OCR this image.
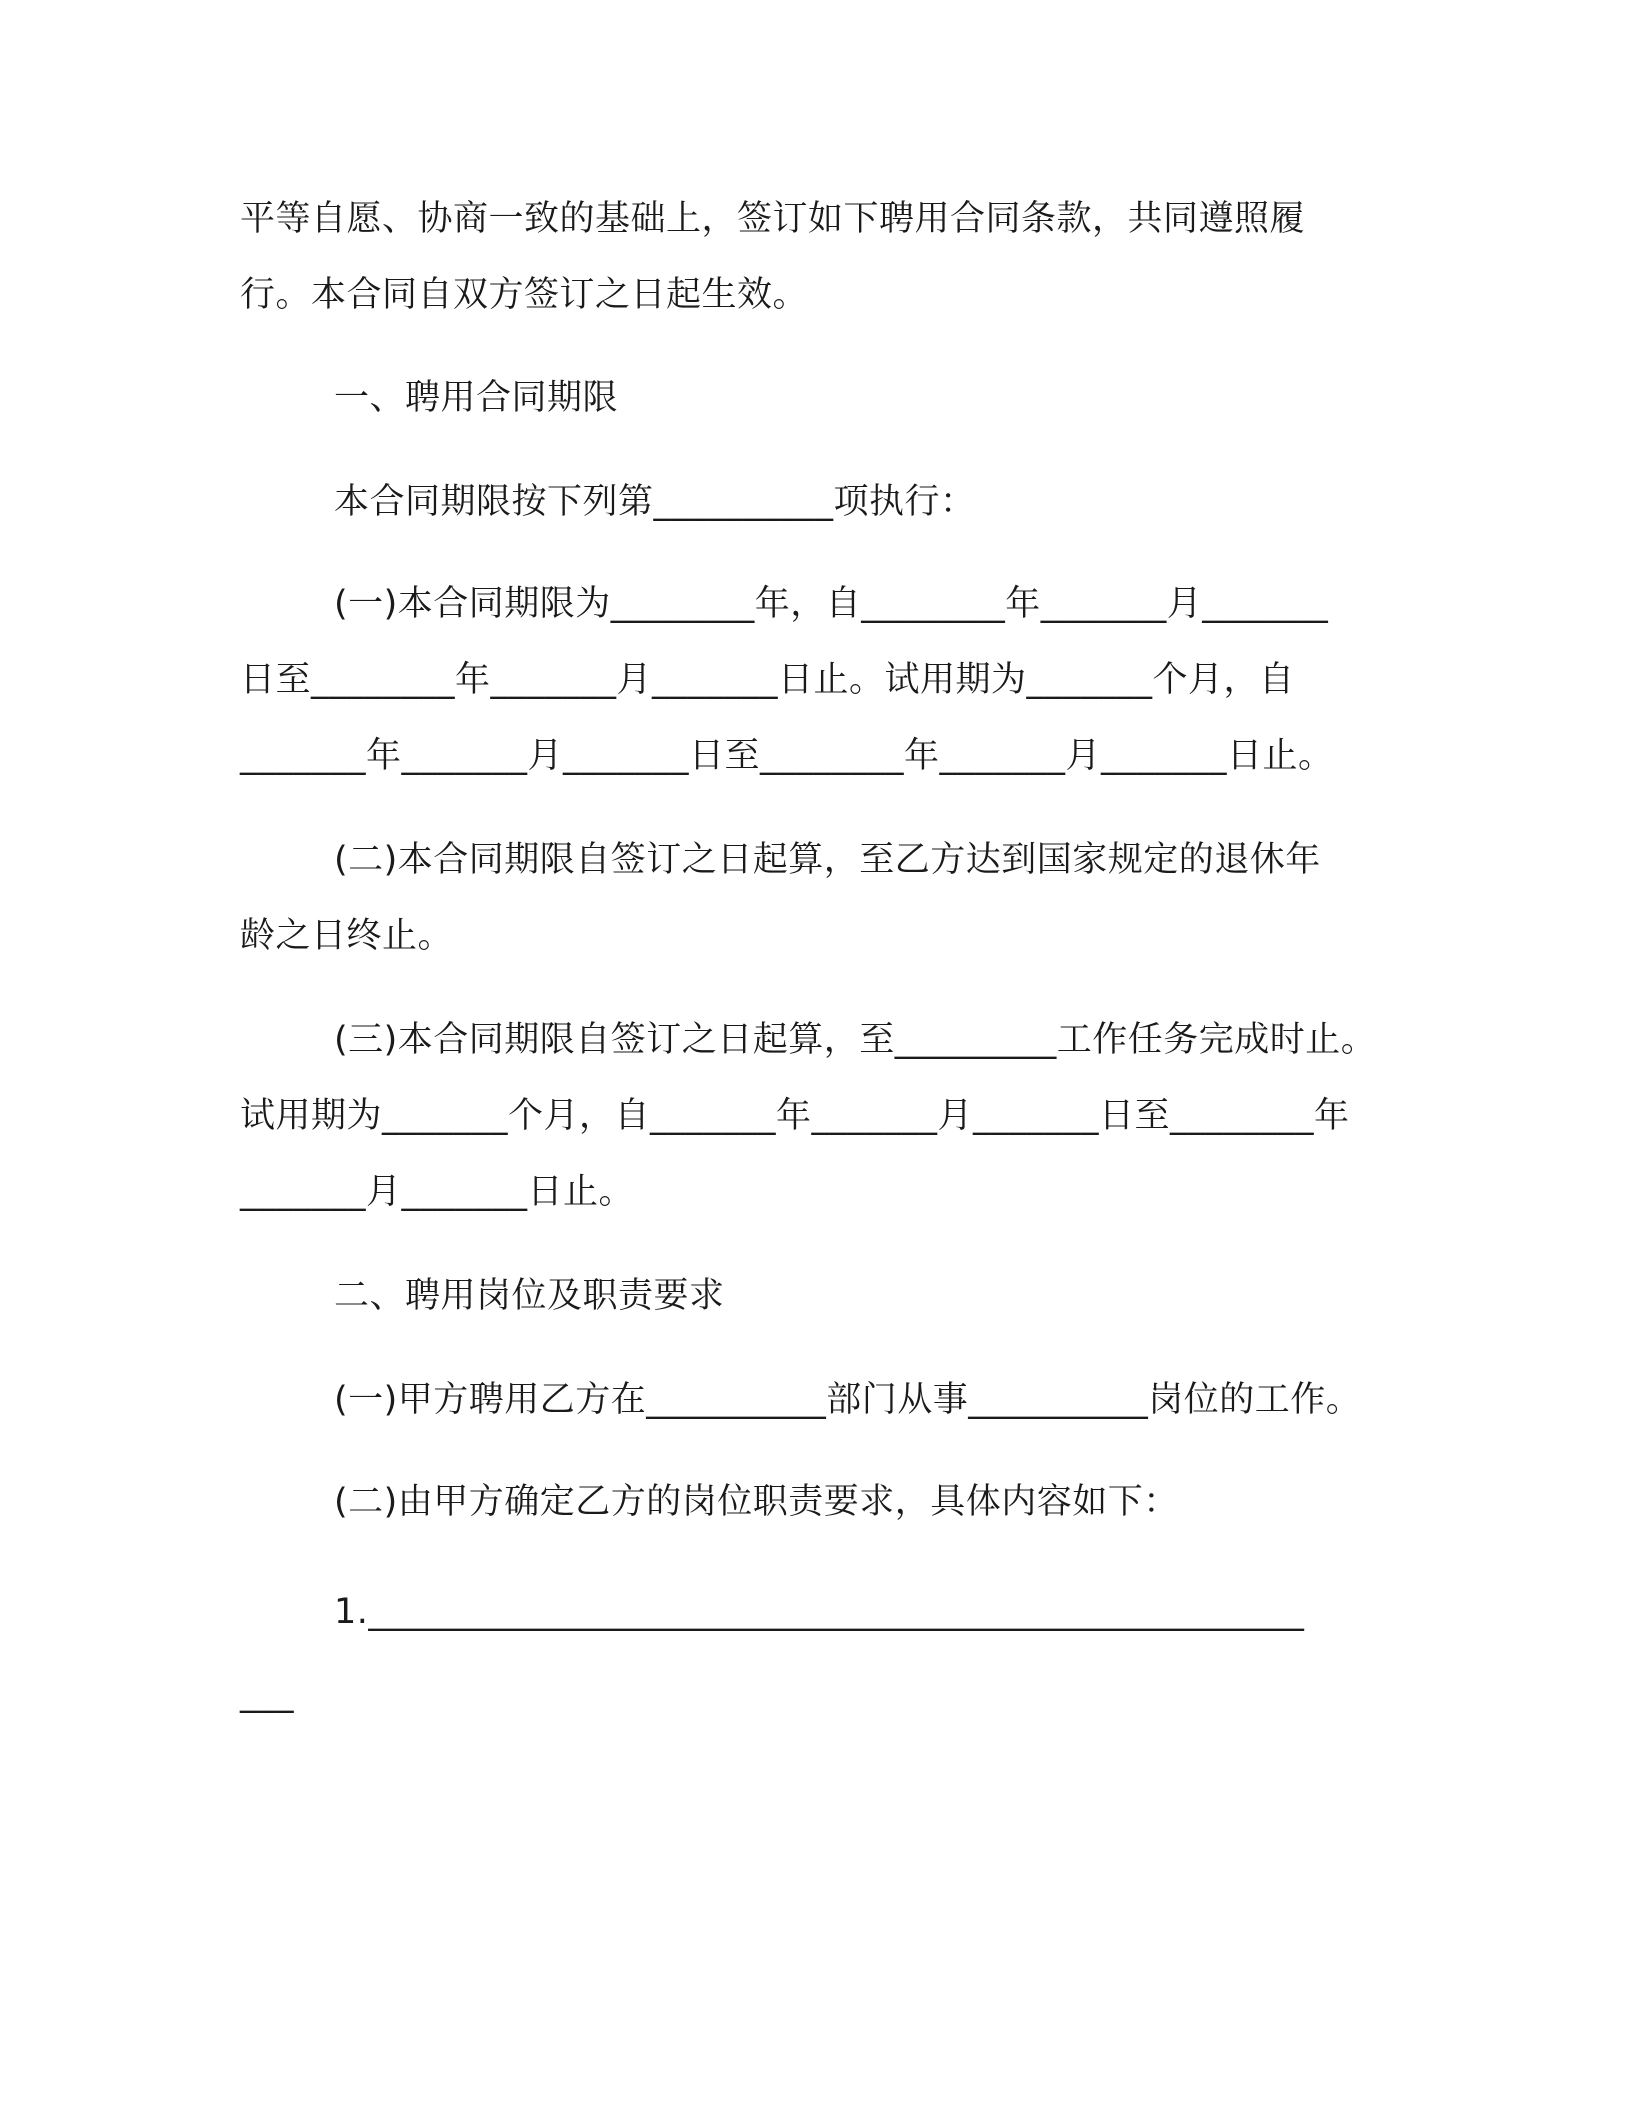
平等自愿、协商一致的基础上，签订如下聘用合同条款，共同遵照履
行。本合同自双方签订之日起生效。
一、聘用合同期限
本合同期限按下列第__________项执行：
(一)本合同期限为________年，自________年_______月_______
日至________年_______月_______日止。试用期为_______个月，自
_______年_______月_______日至________年_______月_______日止。
(二)本合同期限自签订之日起算，至乙方达到国家规定的退休年
龄之日终止。
(三)本合同期限自签订之日起算，至_________工作任务完成时止。
试用期为_______个月，自_______年_______月_______日至________年
_______月_______日止。
二、聘用岗位及职责要求
(一)甲方聘用乙方在__________部门从事__________岗位的工作。
(二)由甲方确定乙方的岗位职责要求，具体内容如下：
1.____________________________________________________
___
